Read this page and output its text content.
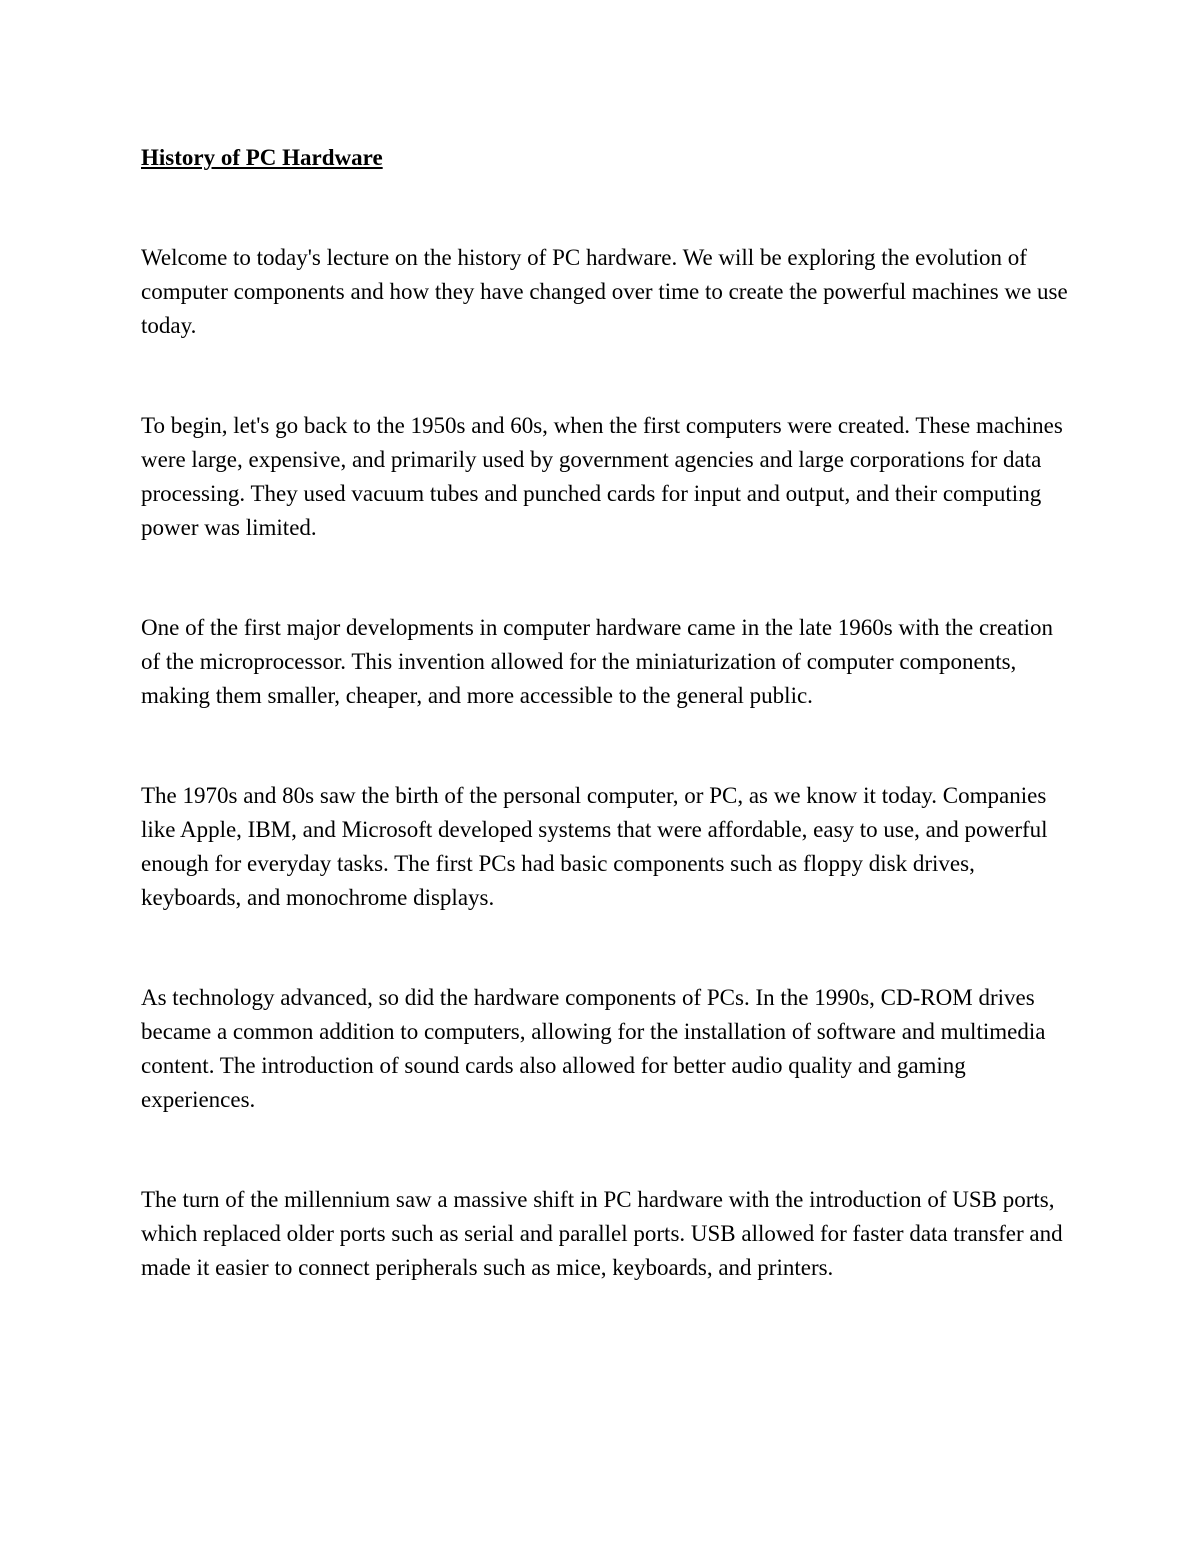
History of PC Hardware

Welcome to today's lecture on the history of PC hardware. We will be exploring the evolution of computer components and how they have changed over time to create the powerful machines we use today.

To begin, let's go back to the 1950s and 60s, when the first computers were created. These machines were large, expensive, and primarily used by government agencies and large corporations for data processing. They used vacuum tubes and punched cards for input and output, and their computing power was limited.

One of the first major developments in computer hardware came in the late 1960s with the creation of the microprocessor. This invention allowed for the miniaturization of computer components, making them smaller, cheaper, and more accessible to the general public.

The 1970s and 80s saw the birth of the personal computer, or PC, as we know it today. Companies like Apple, IBM, and Microsoft developed systems that were affordable, easy to use, and powerful enough for everyday tasks. The first PCs had basic components such as floppy disk drives, keyboards, and monochrome displays.

As technology advanced, so did the hardware components of PCs. In the 1990s, CD-ROM drives became a common addition to computers, allowing for the installation of software and multimedia content. The introduction of sound cards also allowed for better audio quality and gaming experiences.

The turn of the millennium saw a massive shift in PC hardware with the introduction of USB ports, which replaced older ports such as serial and parallel ports. USB allowed for faster data transfer and made it easier to connect peripherals such as mice, keyboards, and printers.
